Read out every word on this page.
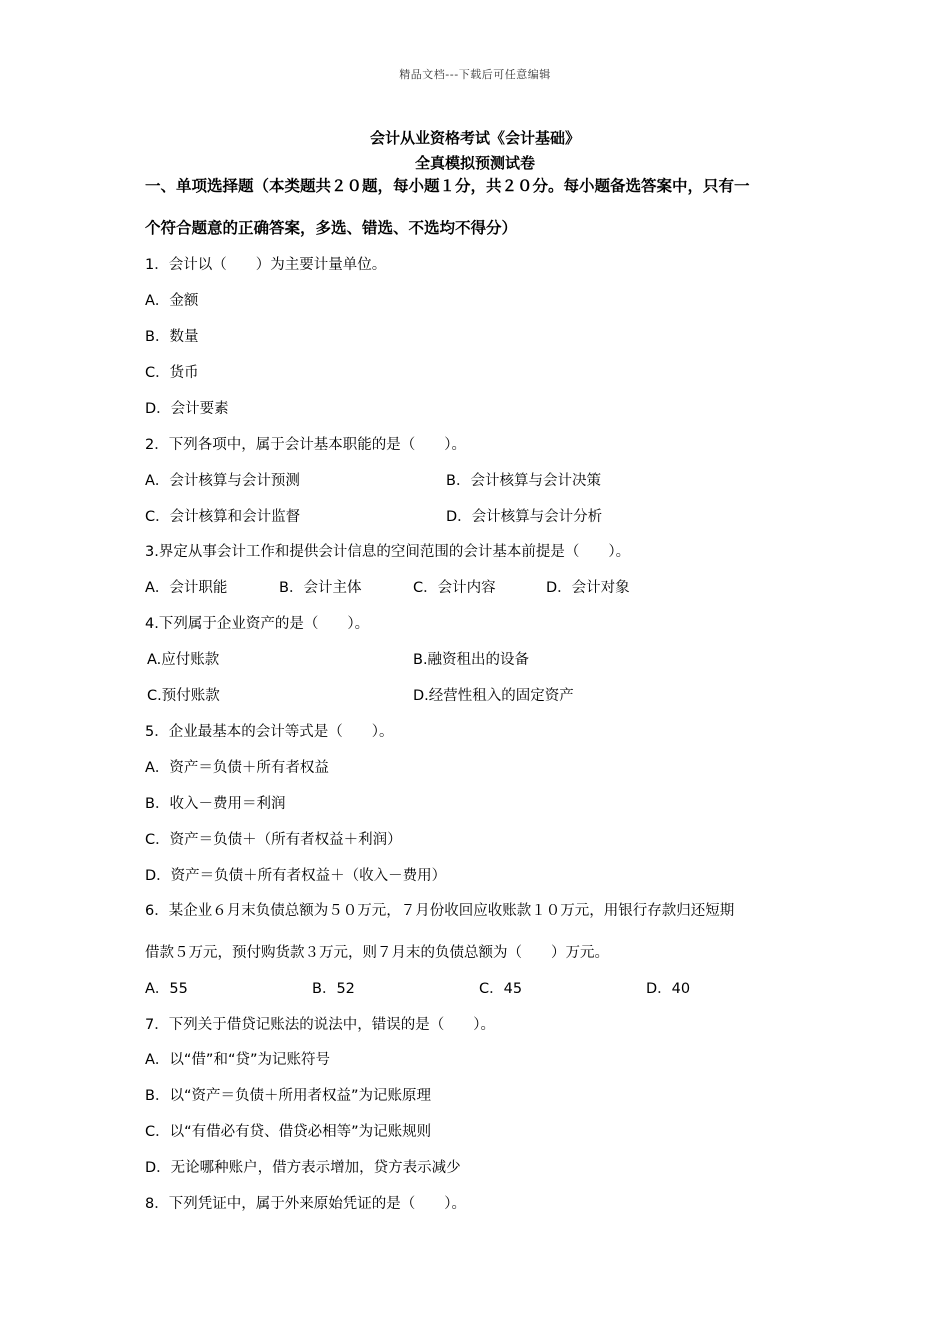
精品文档---下载后可任意编辑
会计从业资格考试《会计基础》
全真模拟预测试卷
一、单项选择题（本类题共２０题，每小题１分，共２０分。每小题备选答案中，只有一
个符合题意的正确答案，多选、错选、不选均不得分）
1．会计以（　　）为主要计量单位。
A．金额
B．数量
C．货币
D．会计要素
2．下列各项中，属于会计基本职能的是（　　）。
A．会计核算与会计预测	B．会计核算与会计决策
C．会计核算和会计监督	D．会计核算与会计分析
3.界定从事会计工作和提供会计信息的空间范围的会计基本前提是（　　）。
A．会计职能	B．会计主体	C．会计内容	D．会计对象
4.下列属于企业资产的是（　　）。
A.应付账款	B.融资租出的设备
C.预付账款	D.经营性租入的固定资产
5．企业最基本的会计等式是（　　）。
A．资产＝负债＋所有者权益
B．收入－费用＝利润
C．资产＝负债＋（所有者权益＋利润）
D．资产＝负债＋所有者权益＋（收入－费用）
6．某企业６月末负债总额为５０万元，７月份收回应收账款１０万元，用银行存款归还短期
借款５万元，预付购货款３万元，则７月末的负债总额为（　　）万元。
A．55	B．52	C．45	D．40
7．下列关于借贷记账法的说法中，错误的是（　　）。
A．以“借”和“贷”为记账符号
B．以“资产＝负债＋所用者权益”为记账原理
C．以“有借必有贷、借贷必相等”为记账规则
D．无论哪种账户，借方表示增加，贷方表示减少
8．下列凭证中，属于外来原始凭证的是（　　）。
